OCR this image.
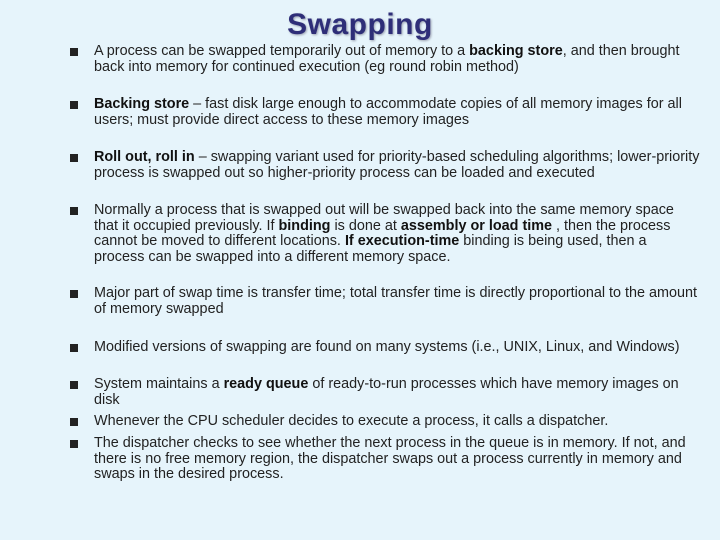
Swapping
A process can be swapped temporarily out of memory to a backing store, and then brought back into memory for continued execution (eg round robin method)
Backing store – fast disk large enough to accommodate copies of all memory images for all users; must provide direct access to these memory images
Roll out, roll in – swapping variant used for priority-based scheduling algorithms; lower-priority process is swapped out so higher-priority process can be loaded and executed
Normally a process that is swapped out will be swapped back into the same memory space that it occupied previously. If binding is done at assembly or load time , then the process cannot be moved to different locations. If execution-time binding is being used, then a process can be swapped into a different memory space.
Major part of swap time is transfer time; total transfer time is directly proportional to the amount of memory swapped
Modified versions of swapping are found on many systems (i.e., UNIX, Linux, and Windows)
System maintains a ready queue of ready-to-run processes which have memory images on disk
Whenever the CPU scheduler decides to execute a process, it calls a dispatcher.
The dispatcher checks to see whether the next process in the queue is in memory. If not, and there is no free memory region, the dispatcher swaps out a process currently in memory and swaps in the desired process.
